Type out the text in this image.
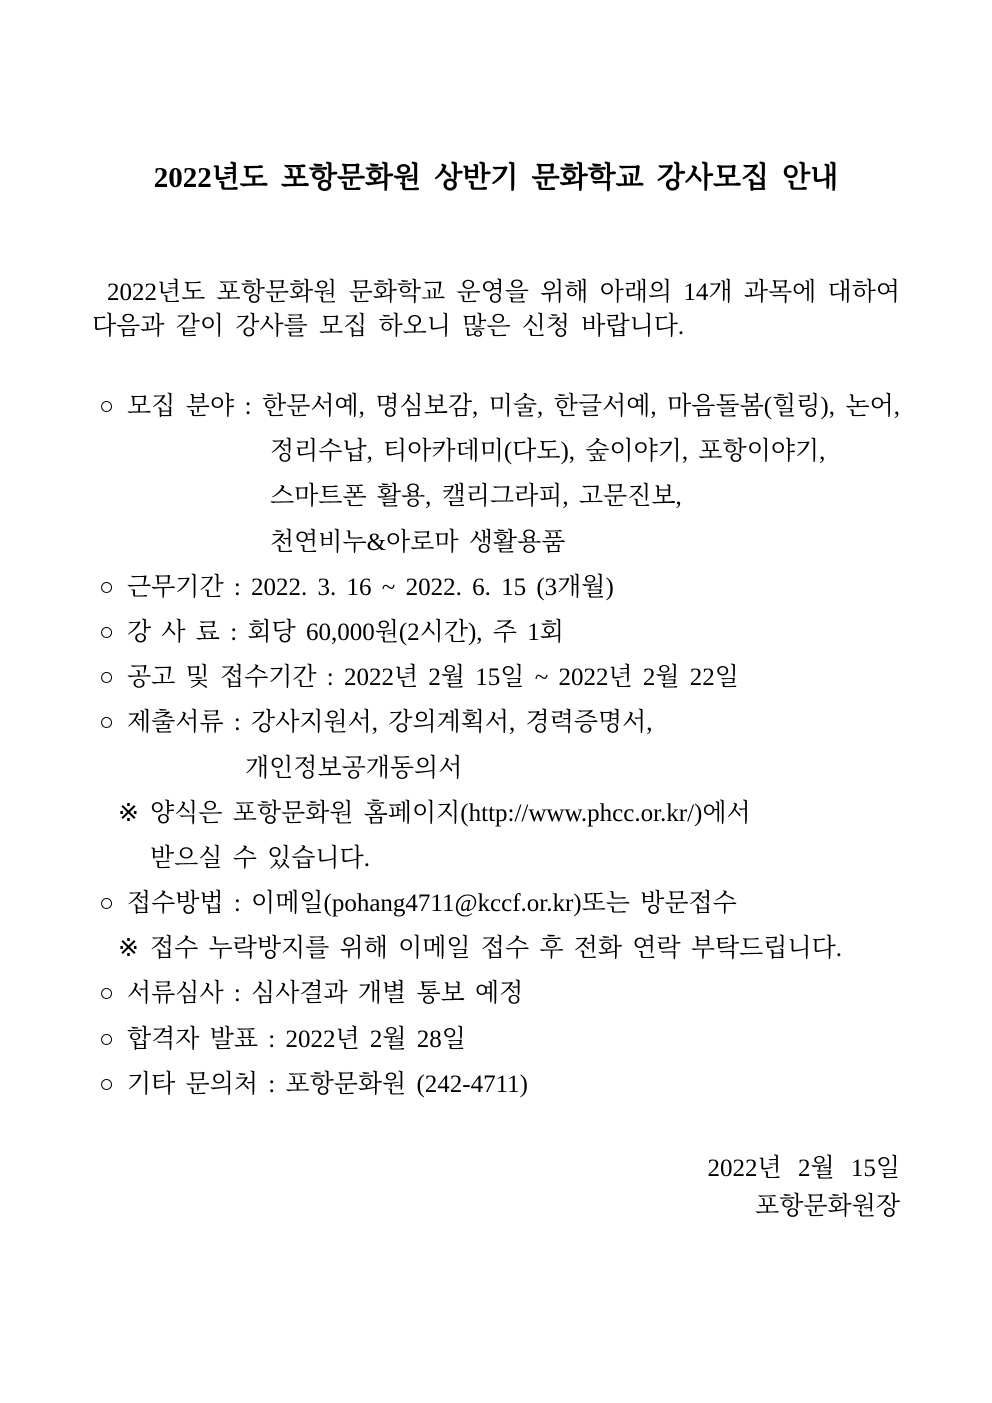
2022년도 포항문화원 상반기 문화학교 강사모집 안내
2022년도 포항문화원 문화학교 운영을 위해 아래의 14개 과목에 대하여
다음과 같이 강사를 모집 하오니 많은 신청 바랍니다.
○ 모집 분야 : 한문서예, 명심보감, 미술, 한글서예, 마음돌봄(힐링), 논어,
정리수납, 티아카데미(다도), 숲이야기, 포항이야기,
스마트폰 활용, 캘리그라피, 고문진보,
천연비누&아로마 생활용품
○ 근무기간 : 2022. 3. 16 ~ 2022. 6. 15 (3개월)
○ 강 사 료 : 회당 60,000원(2시간), 주 1회
○ 공고 및 접수기간 : 2022년 2월 15일 ~ 2022년 2월 22일
○ 제출서류 : 강사지원서, 강의계획서, 경력증명서,
개인정보공개동의서
※ 양식은 포항문화원 홈페이지(http://www.phcc.or.kr/)에서
받으실 수 있습니다.
○ 접수방법 : 이메일(pohang4711@kccf.or.kr)또는 방문접수
※ 접수 누락방지를 위해 이메일 접수 후 전화 연락 부탁드립니다.
○ 서류심사 : 심사결과 개별 통보 예정
○ 합격자 발표 : 2022년 2월 28일
○ 기타 문의처 : 포항문화원 (242-4711)
2022년 2월 15일
포항문화원장
